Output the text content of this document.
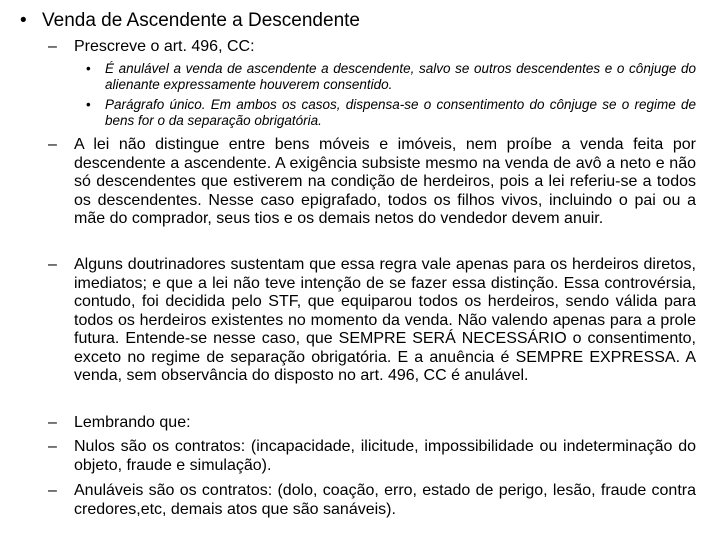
• Venda de Ascendente a Descendente
– Prescreve o art. 496, CC:
• É anulável a venda de ascendente a descendente, salvo se outros descendentes e o cônjuge do alienante expressamente houverem consentido.
• Parágrafo único. Em ambos os casos, dispensa-se o consentimento do cônjuge se o regime de bens for o da separação obrigatória.
– A lei não distingue entre bens móveis e imóveis, nem proíbe a venda feita por descendente a ascendente. A exigência subsiste mesmo na venda de avô a neto e não só descendentes que estiverem na condição de herdeiros, pois a lei referiu-se a todos os descendentes. Nesse caso epigrafado, todos os filhos vivos, incluindo o pai ou a mãe do comprador, seus tios e os demais netos do vendedor devem anuir.
– Alguns doutrinadores sustentam que essa regra vale apenas para os herdeiros diretos, imediatos; e que a lei não teve intenção de se fazer essa distinção. Essa controvérsia, contudo, foi decidida pelo STF, que equiparou todos os herdeiros, sendo válida para todos os herdeiros existentes no momento da venda. Não valendo apenas para a prole futura. Entende-se nesse caso, que SEMPRE SERÁ NECESSÁRIO o consentimento, exceto no regime de separação obrigatória. E a anuência é SEMPRE EXPRESSA. A venda, sem observância do disposto no art. 496, CC é anulável.
– Lembrando que:
– Nulos são os contratos: (incapacidade, ilicitude, impossibilidade ou indeterminação do objeto, fraude e simulação).
– Anuláveis são os contratos: (dolo, coação, erro, estado de perigo, lesão, fraude contra credores,etc, demais atos que são sanáveis).
